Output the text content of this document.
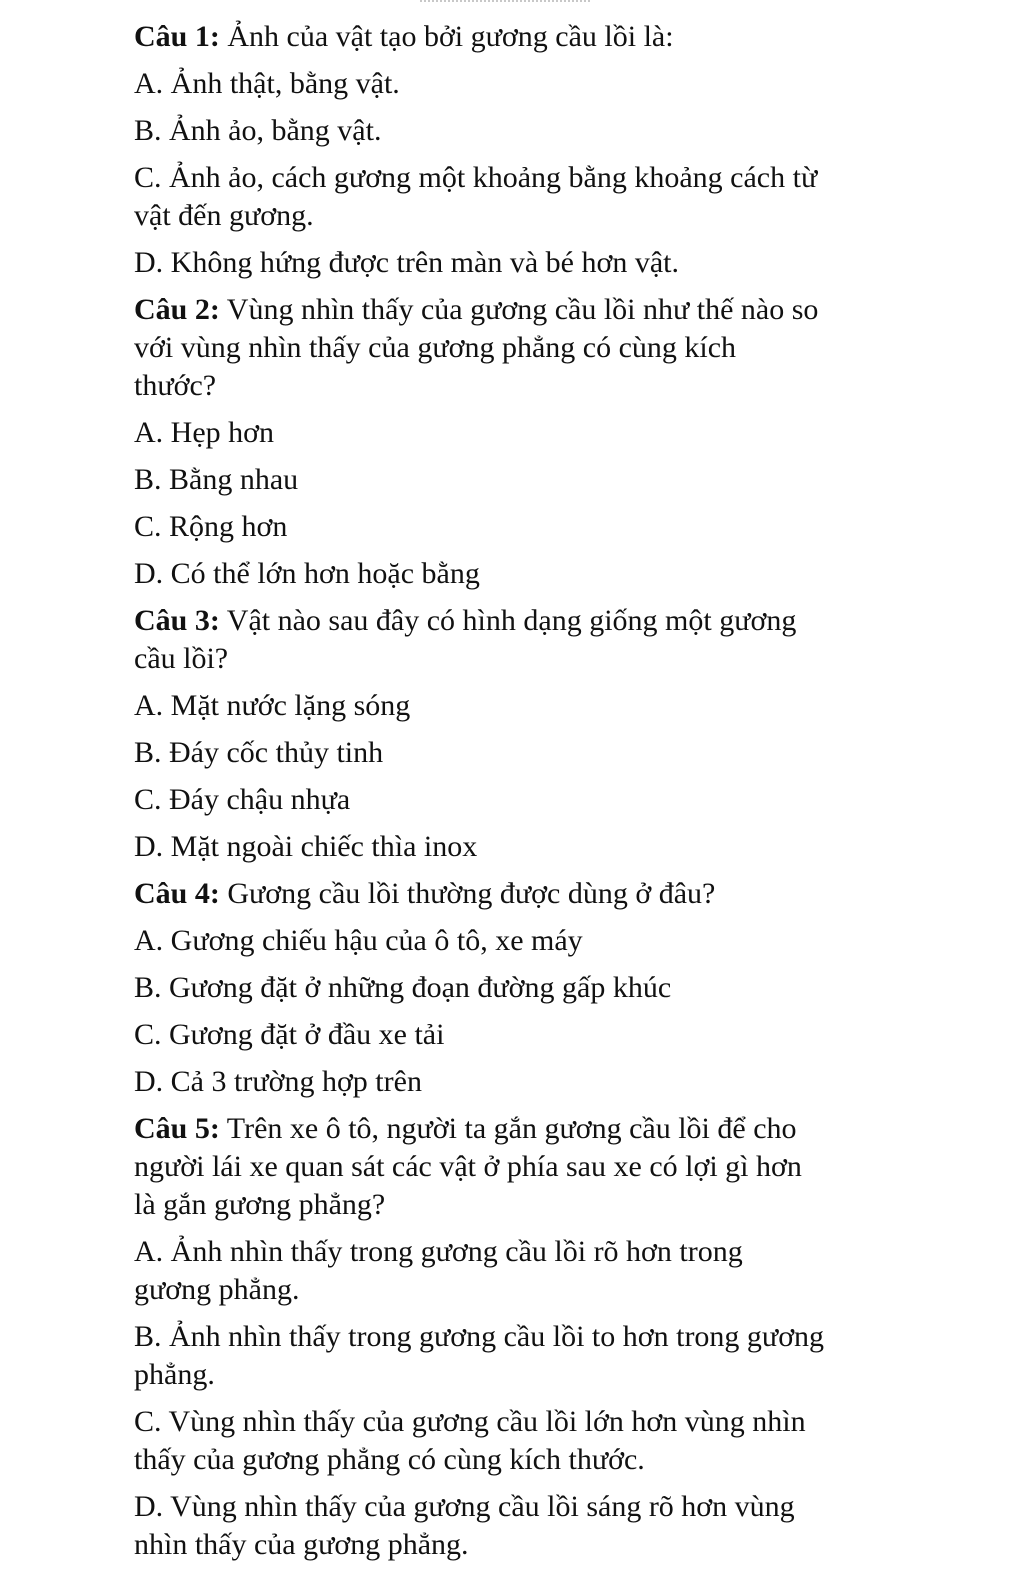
Câu 1: Ảnh của vật tạo bởi gương cầu lồi là:
A. Ảnh thật, bằng vật.
B. Ảnh ảo, bằng vật.
C. Ảnh ảo, cách gương một khoảng bằng khoảng cách từ
vật đến gương.
D. Không hứng được trên màn và bé hơn vật.
Câu 2: Vùng nhìn thấy của gương cầu lồi như thế nào so
với vùng nhìn thấy của gương phẳng có cùng kích
thước?
A. Hẹp hơn
B. Bằng nhau
C. Rộng hơn
D. Có thể lớn hơn hoặc bằng
Câu 3: Vật nào sau đây có hình dạng giống một gương
cầu lồi?
A. Mặt nước lặng sóng
B. Đáy cốc thủy tinh
C. Đáy chậu nhựa
D. Mặt ngoài chiếc thìa inox
Câu 4: Gương cầu lồi thường được dùng ở đâu?
A. Gương chiếu hậu của ô tô, xe máy
B. Gương đặt ở những đoạn đường gấp khúc
C. Gương đặt ở đầu xe tải
D. Cả 3 trường hợp trên
Câu 5: Trên xe ô tô, người ta gắn gương cầu lồi để cho
người lái xe quan sát các vật ở phía sau xe có lợi gì hơn
là gắn gương phẳng?
A. Ảnh nhìn thấy trong gương cầu lồi rõ hơn trong
gương phẳng.
B. Ảnh nhìn thấy trong gương cầu lồi to hơn trong gương
phẳng.
C. Vùng nhìn thấy của gương cầu lồi lớn hơn vùng nhìn
thấy của gương phẳng có cùng kích thước.
D. Vùng nhìn thấy của gương cầu lồi sáng rõ hơn vùng
nhìn thấy của gương phẳng.
